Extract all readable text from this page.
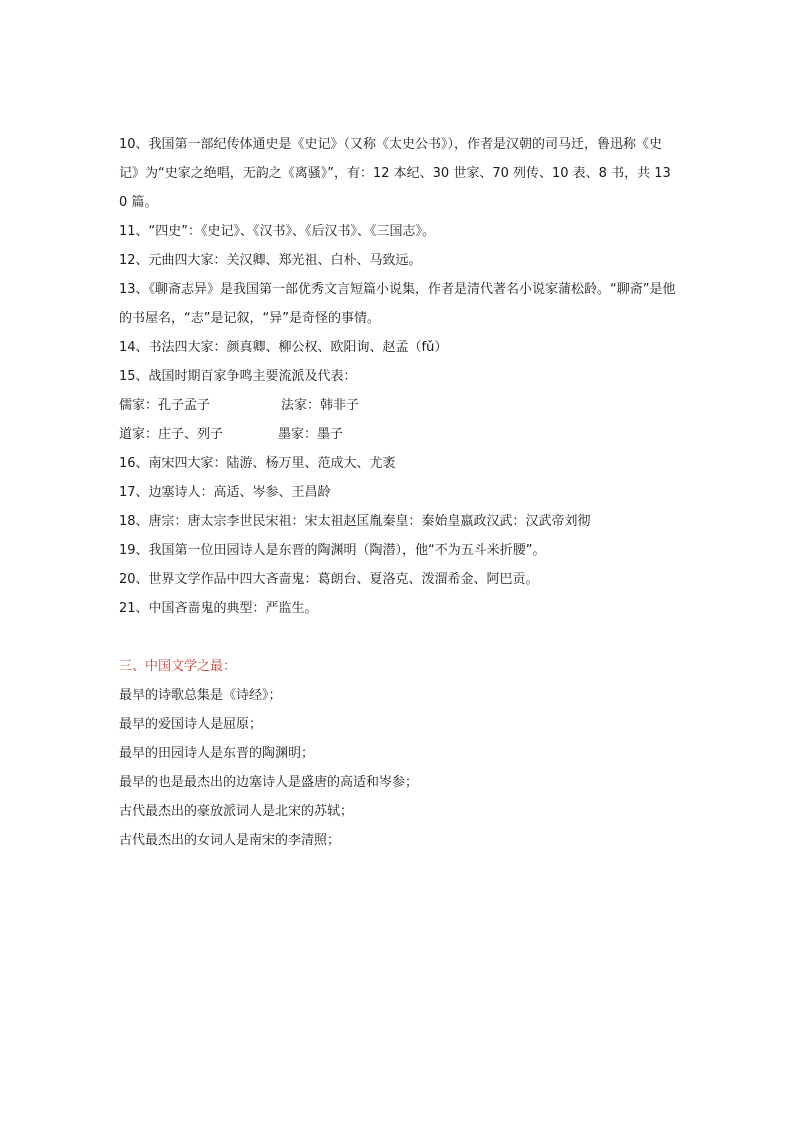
10、我国第一部纪传体通史是《史记》（又称《太史公书》），作者是汉朝的司马迁，鲁迅称《史记》为“史家之绝唱，无韵之《离骚》”，有：12 本纪、30 世家、70 列传、10 表、8 书，共 130 篇。

11、“四史”：《史记》、《汉书》、《后汉书》、《三国志》。

12、元曲四大家：关汉卿、郑光祖、白朴、马致远。

13、《聊斋志异》是我国第一部优秀文言短篇小说集，作者是清代著名小说家蒲松龄。“聊斋”是他的书屋名，“志”是记叙，“异”是奇怪的事情。

14、书法四大家：颜真卿、柳公权、欧阳询、赵孟（fǔ）

15、战国时期百家争鸣主要流派及代表：

儒家：孔子孟子	法家：韩非子

道家：庄子、列子	墨家：墨子

16、南宋四大家：陆游、杨万里、范成大、尤袤

17、边塞诗人：高适、岑参、王昌龄

18、唐宗：唐太宗李世民宋祖：宋太祖赵匡胤秦皇：秦始皇嬴政汉武：汉武帝刘彻

19、我国第一位田园诗人是东晋的陶渊明（陶潜），他“不为五斗米折腰”。

20、世界文学作品中四大吝啬鬼：葛朗台、夏洛克、泼溜希金、阿巴贡。

21、中国吝啬鬼的典型：严监生。

三、中国文学之最：

最早的诗歌总集是《诗经》；

最早的爱国诗人是屈原；

最早的田园诗人是东晋的陶渊明；

最早的也是最杰出的边塞诗人是盛唐的高适和岑参；

古代最杰出的豪放派词人是北宋的苏轼；

古代最杰出的女词人是南宋的李清照；
